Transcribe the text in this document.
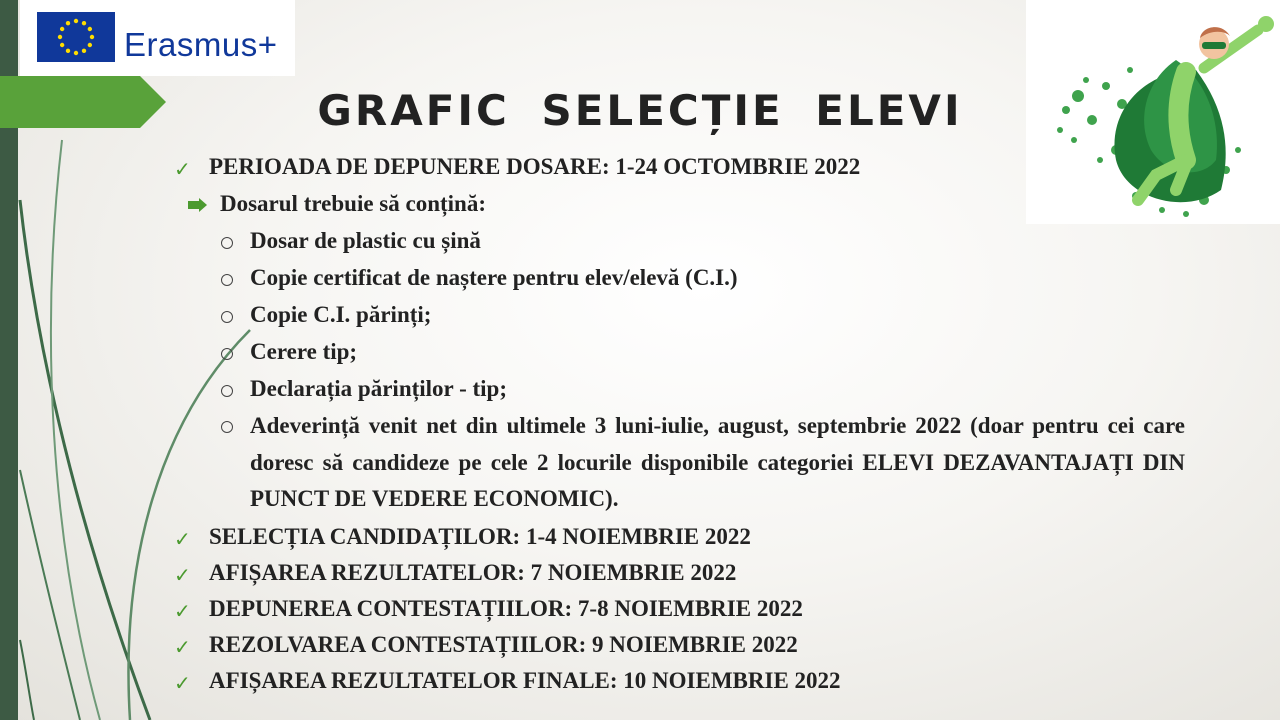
Erasmus+
GRAFIC SELECȚIE ELEVI
✓ PERIOADA DE DEPUNERE DOSARE: 1-24 OCTOMBRIE 2022
Dosarul trebuie să conțină:
Dosar de plastic cu șină
Copie certificat de naștere pentru elev/elevă (C.I.)
Copie C.I. părinți;
Cerere tip;
Declarația părinților - tip;
Adeverință venit net din ultimele 3 luni-iulie, august, septembrie 2022 (doar pentru cei care doresc să candideze pe cele 2 locurile disponibile categoriei ELEVI DEZAVANTAJAȚI DIN PUNCT DE VEDERE ECONOMIC).
✓ SELECȚIA CANDIDAȚILOR: 1-4 NOIEMBRIE 2022
✓ AFIȘAREA REZULTATELOR: 7 NOIEMBRIE 2022
✓ DEPUNEREA CONTESTAȚIILOR: 7-8 NOIEMBRIE 2022
✓ REZOLVAREA CONTESTAȚIILOR: 9 NOIEMBRIE 2022
✓ AFIȘAREA REZULTATELOR FINALE: 10 NOIEMBRIE 2022
